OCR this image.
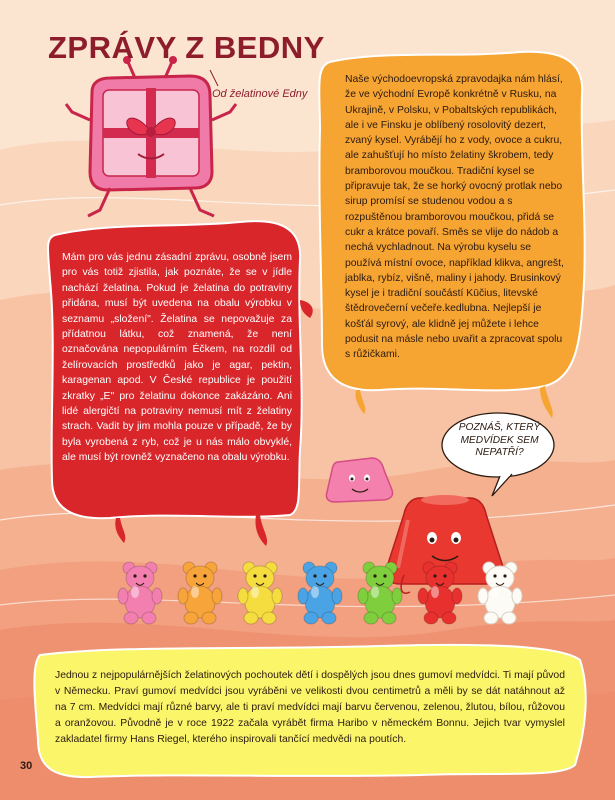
ZPRÁVY Z BEDNY
Od želatinové Edny
Naše východoevropská zpravodajka nám hlásí, že ve východní Evropě konkrétně v Rusku, na Ukrajině, v Polsku, v Pobaltských republikách, ale i ve Finsku je oblíbený rosolovitý dezert, zvaný kysel. Vyrábějí ho z vody, ovoce a cukru, ale zahušťují ho místo želatiny škrobem, tedy bramborovou moučkou. Tradiční kysel se připravuje tak, že se horký ovocný protlak nebo sirup promísí se studenou vodou a s rozpuštěnou bramborovou moučkou, přidá se cukr a krátce povaří. Směs se vlije do nádob a nechá vychladnout. Na výrobu kyselu se používá místní ovoce, například klikva, angrešt, jablka, rybíz, višně, maliny i jahody. Brusinkový kysel je i tradiční součástí Kūčius, litevské štědrovečerní večeře.kedlubna. Nejlepší je košťál syrový, ale klidně jej můžete i lehce podusit na másle nebo uvařit a zpracovat spolu s růžičkami.
Mám pro vás jednu zásadní zprávu, osobně jsem pro vás totiž zjistila, jak poznáte, že se v jídle nachází želatina. Pokud je želatina do potraviny přidána, musí být uvedena na obalu výrobku v seznamu „složení". Želatina se nepovažuje za přídatnou látku, což znamená, že není označována nepopulárním Éčkem, na rozdíl od želírovacích prostředků jako je agar, pektin, karagenan apod. V České republice je použití zkratky „E" pro želatinu dokonce zakázáno. Ani lidé alergičtí na potraviny nemusí mít z želatiny strach. Vadit by jim mohla pouze v případě, že by byla vyrobená z ryb, což je u nás málo obvyklé, ale musí být rovněž vyznačeno na obalu výrobku.
POZNÁŠ, KTERÝ MEDVÍDEK SEM NEPATŘÍ?
Jednou z nejpopulárnějších želatinových pochoutek dětí i dospělých jsou dnes gumoví medvídci. Ti mají původ v Německu. Praví gumoví medvídci jsou vyráběni ve velikosti dvou centimetrů a měli by se dát natáhnout až na 7 cm. Medvídci mají různé barvy, ale ti praví medvídci mají barvu červenou, zelenou, žlutou, bílou, růžovou a oranžovou. Původně je v roce 1922 začala vyrábět firma Haribo v německém Bonnu. Jejich tvar vymyslel zakladatel firmy Hans Riegel, kterého inspirovali tančící medvědi na poutích.
30
